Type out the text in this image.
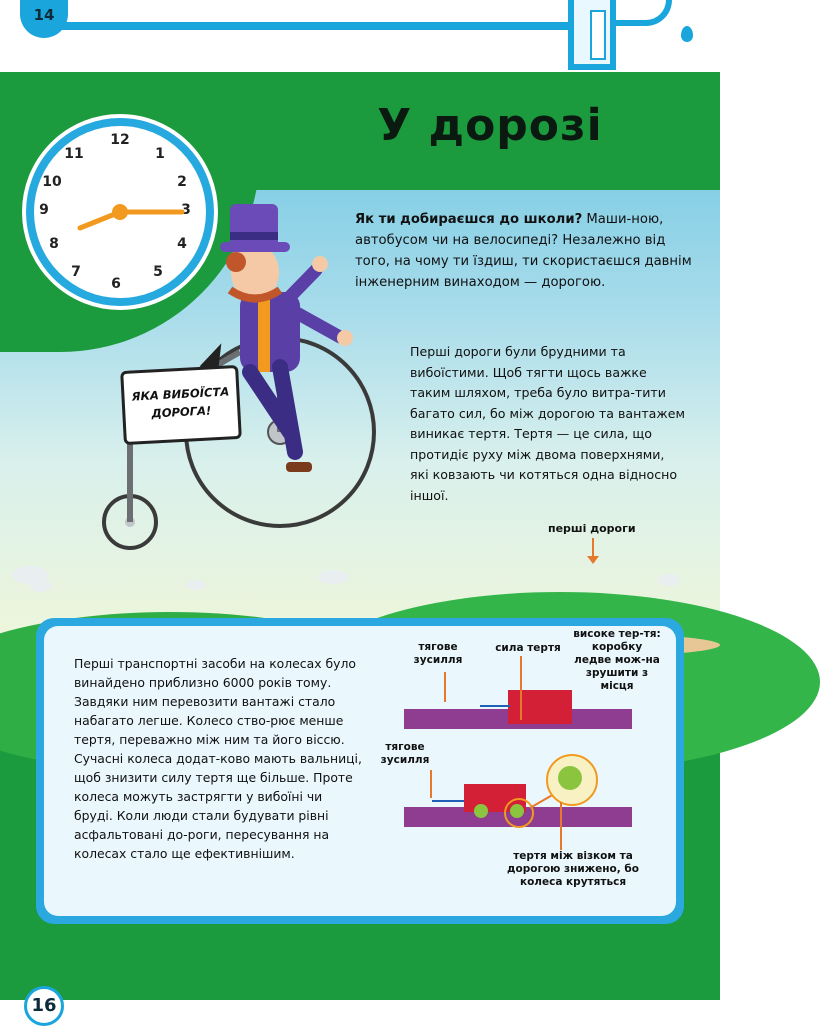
14
У дорозі
12
1
2
3
4
5
6
7
8
9
10
11
ЯКА ВИБОЇСТА ДОРОГА!
Як ти добираєшся до школи? Маши-ною, автобусом чи на велосипеді? Незалежно від того, на чому ти їздиш, ти скористаєшся давнім інженерним винаходом — дорогою.
Перші дороги були брудними та вибоїстими. Щоб тягти щось важке таким шляхом, треба було витра-тити багато сил, бо між дорогою та вантажем виникає тертя. Тертя — це сила, що протидіє руху між двома поверхнями, які ковзають чи котяться одна відносно іншої.
перші дороги
Перші транспортні засоби на колесах було винайдено приблизно 6000 років тому. Завдяки ним перевозити вантажі стало набагато легше. Колесо ство-рює менше тертя, переважно між ним та його віссю. Сучасні колеса додат-ково мають вальниці, щоб знизити силу тертя ще більше. Проте колеса можуть застрягти у вибоїні чи бруді. Коли люди стали будувати рівні асфальтовані до-роги, пересування на колесах стало ще ефективнішим.
тягове зусилля
сила тертя
високе тер-тя: коробку ледве мож-на зрушити з місця
тягове зусилля
тертя між візком та дорогою знижено, бо колеса крутяться
16
